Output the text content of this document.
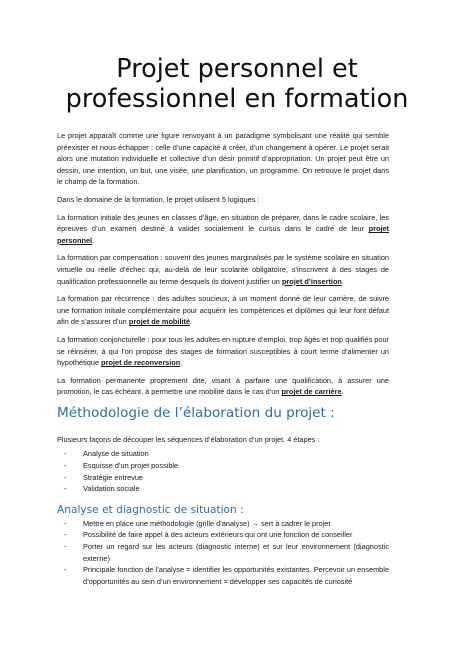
Projet personnel et professionnel en formation

Le projet apparaît comme une figure renvoyant à un paradigme symbolisant une réalité qui semble préexister et nous échapper : celle d’une capacité à créer, d’un changement à opérer. Le projet serait alors une mutation individuelle et collective d’un désir primitif d’appropriation. Un projet peut être un dessin, une intention, un but, une visée, une planification, un programme. On retrouve le projet dans le champ de la formation.

Dans le domaine de la formation, le projet utilisent 5 logiques :

La formation initiale des jeunes en classes d’âge, en situation de préparer, dans le cadre scolaire, les épreuves d’un examen destiné à valider socialement le cursus dans le cadre de leur projet personnel.

La formation par compensation : souvent des jeunes marginalisés par le système scolaire en situation virtuelle ou réelle d’échec qui, au-delà de leur scolarité obligatoire, s’inscrivent à des stages de qualification professionnelle au terme desquels ils doivent justifier un projet d’insertion.

La formation par récurrence : des adultes soucieux, à un moment donné de leur carrière, de suivre une formation initiale complémentaire pour acquérir les compétences et diplômes qui leur font défaut afin de s’assurer d’un projet de mobilité.

La formation conjoncturelle : pour tous les adultes en rupture d’emploi, trop âgés et trop qualifiés pour se réinsérer, à qui l’on propose des stages de formation susceptibles à court terme d’alimenter un hypothétique projet de reconversion.

La formation permanente proprement dite, visant à parfaire une qualification, à assurer une promotion, le cas échéant, à permettre une mobilité dans le cas d’un projet de carrière.

Méthodologie de l’élaboration du projet :

Plusieurs façons de découper les séquences d’élaboration d’un projet. 4 étapes :

- Analyse de situation
- Esquisse d’un projet possible
- Stratégie entrevue
- Validation sociale
Analyse et diagnostic de situation :
- Mettre en place une méthodologie (grille d’analyse) → sert à cadrer le projet
- Possibilité de faire appel à des acteurs extérieurs qui ont une fonction de conseiller
- Porter un regard sur les acteurs (diagnostic interne) et sur leur environnement (diagnostic externe)
- Principale fonction de l’analyse = identifier les opportunités existantes. Percevoir un ensemble d’opportunités au sein d’un environnement = développer ses capacités de curiosité
